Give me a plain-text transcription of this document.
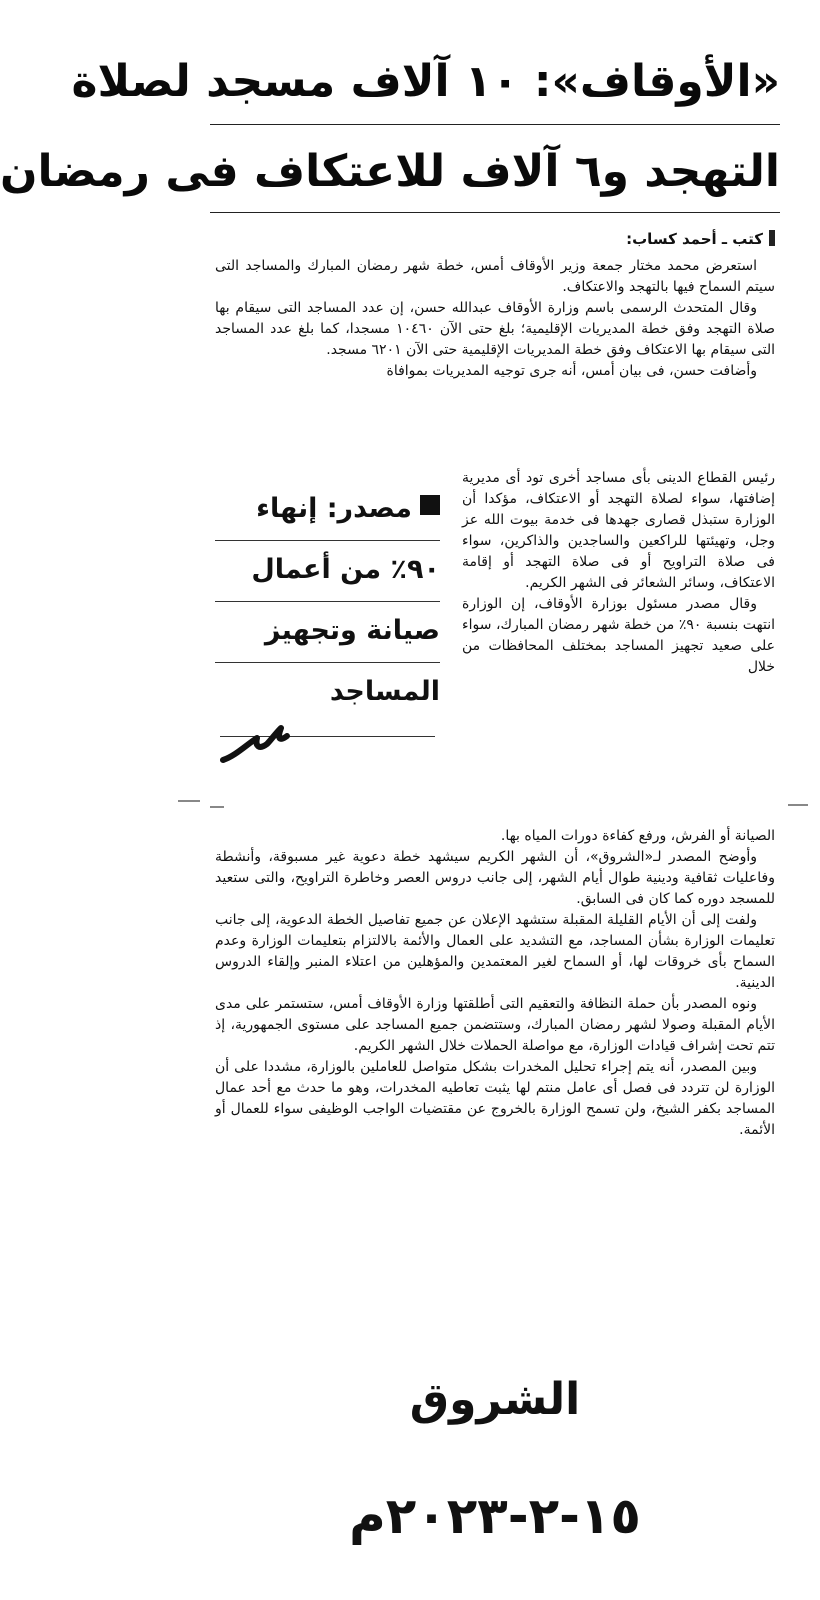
«الأوقاف»: ١٠ آلاف مسجد لصلاة
التهجد و٦ آلاف للاعتكاف فى رمضان
كتب ـ أحمد كساب:

استعرض محمد مختار جمعة وزير الأوقاف أمس، خطة شهر رمضان المبارك والمساجد التى سيتم السماح فيها بالتهجد والاعتكاف.

وقال المتحدث الرسمى باسم وزارة الأوقاف عبدالله حسن، إن عدد المساجد التى سيقام بها صلاة التهجد وفق خطة المديريات الإقليمية؛ بلغ حتى الآن ١٠٤٦٠ مسجدا، كما بلغ عدد المساجد التى سيقام بها الاعتكاف وفق خطة المديريات الإقليمية حتى الآن ٦٢٠١ مسجد.

وأضافت حسن، فى بيان أمس، أنه جرى توجيه المديريات بموافاة

رئيس القطاع الدينى بأى مساجد أخرى تود أى مديرية إضافتها، سواء لصلاة التهجد أو الاعتكاف، مؤكدا أن الوزارة ستبذل قصارى جهدها فى خدمة بيوت الله عز وجل، وتهيئتها للراكعين والساجدين والذاكرين، سواء فى صلاة التراويح أو فى صلاة التهجد أو إقامة الاعتكاف، وسائر الشعائر فى الشهر الكريم.

وقال مصدر مسئول بوزارة الأوقاف، إن الوزارة انتهت بنسبة ٩٠٪ من خطة شهر رمضان المبارك، سواء على صعيد تجهيز المساجد بمختلف المحافظات من خلال

مصدر: إنهاء
٩٠٪ من أعمال
صيانة وتجهيز
المساجد

الصيانة أو الفرش، ورفع كفاءة دورات المياه بها.

وأوضح المصدر لـ«الشروق»، أن الشهر الكريم سيشهد خطة دعوية غير مسبوقة، وأنشطة وفاعليات ثقافية ودينية طوال أيام الشهر، إلى جانب دروس العصر وخاطرة التراويح، والتى ستعيد للمسجد دوره كما كان فى السابق.

ولفت إلى أن الأيام القليلة المقبلة ستشهد الإعلان عن جميع تفاصيل الخطة الدعوية، إلى جانب تعليمات الوزارة بشأن المساجد، مع التشديد على العمال والأئمة بالالتزام بتعليمات الوزارة وعدم السماح بأى خروقات لها، أو السماح لغير المعتمدين والمؤهلين من اعتلاء المنبر وإلقاء الدروس الدينية.

ونوه المصدر بأن حملة النظافة والتعقيم التى أطلقتها وزارة الأوقاف أمس، ستستمر على مدى الأيام المقبلة وصولا لشهر رمضان المبارك، وستتضمن جميع المساجد على مستوى الجمهورية، إذ تتم تحت إشراف قيادات الوزارة، مع مواصلة الحملات خلال الشهر الكريم.

وبين المصدر، أنه يتم إجراء تحليل المخدرات بشكل متواصل للعاملين بالوزارة، مشددا على أن الوزارة لن تتردد فى فصل أى عامل منتم لها يثبت تعاطيه المخدرات، وهو ما حدث مع أحد عمال المساجد بكفر الشيخ، ولن تسمح الوزارة بالخروج عن مقتضيات الواجب الوظيفى سواء للعمال أو الأئمة.

الشروق
١٥-٢-٢٠٢٣م
